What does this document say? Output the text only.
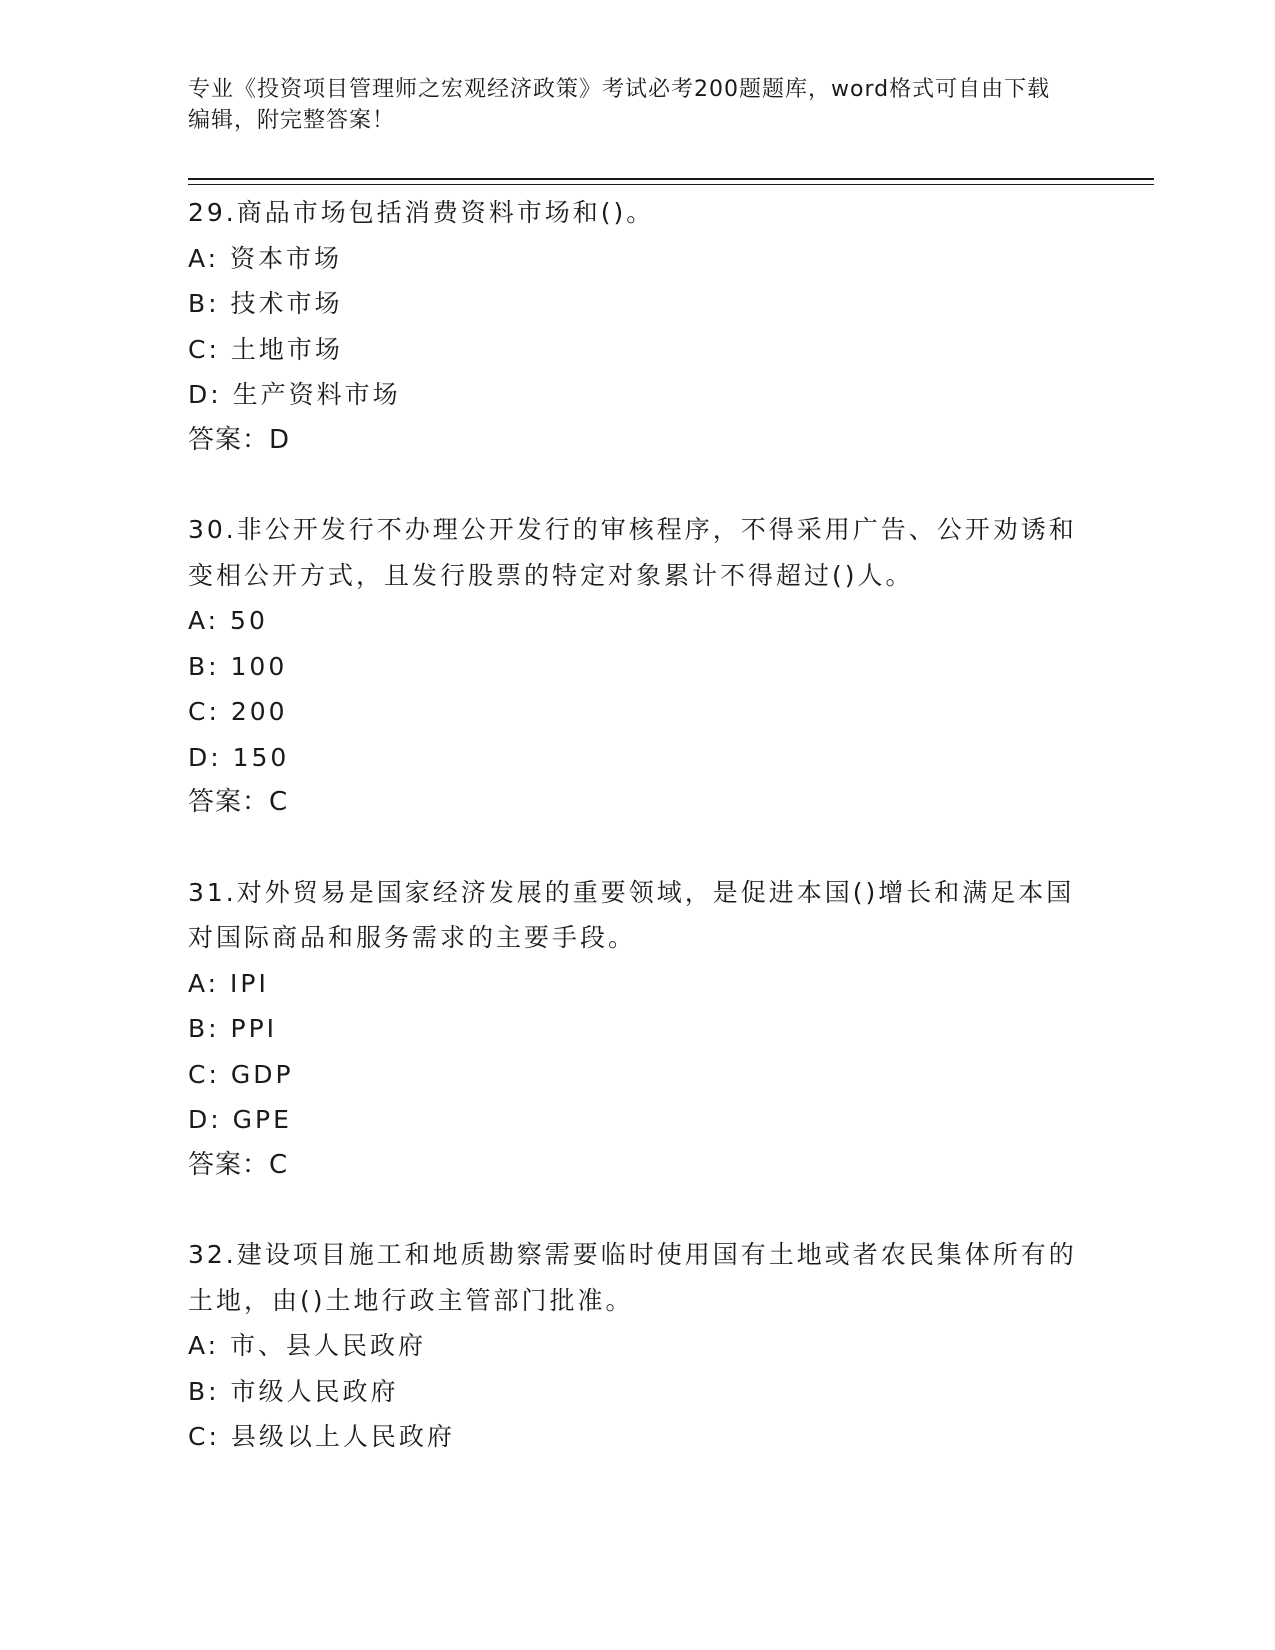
专业《投资项目管理师之宏观经济政策》考试必考200题题库，word格式可自由下载编辑，附完整答案！
29.商品市场包括消费资料市场和()。
A: 资本市场
B: 技术市场
C: 土地市场
D: 生产资料市场
答案：D
30.非公开发行不办理公开发行的审核程序，不得采用广告、公开劝诱和变相公开方式，且发行股票的特定对象累计不得超过()人。
A: 50
B: 100
C: 200
D: 150
答案：C
31.对外贸易是国家经济发展的重要领域，是促进本国()增长和满足本国对国际商品和服务需求的主要手段。
A: IPI
B: PPI
C: GDP
D: GPE
答案：C
32.建设项目施工和地质勘察需要临时使用国有土地或者农民集体所有的土地，由()土地行政主管部门批准。
A: 市、县人民政府
B: 市级人民政府
C: 县级以上人民政府
